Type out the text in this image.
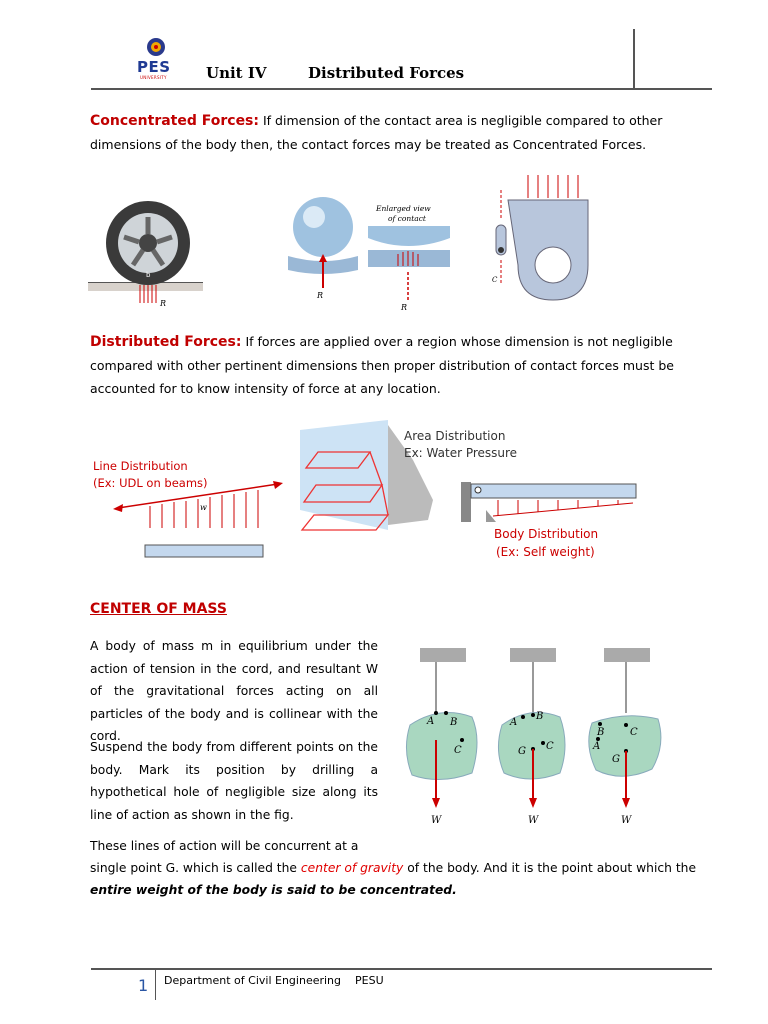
PES
UNIVERSITY	Unit IV	Distributed Forces
Concentrated Forces: If dimension of the contact area is negligible compared to other
dimensions of the body then, the contact forces may be treated as Concentrated Forces.
b
R
R
Enlarged view
of contact
R
C
Distributed Forces: If forces are applied over a region whose dimension is not negligible
compared with other pertinent dimensions then proper distribution of contact forces must be
accounted for to know intensity of force at any location.
Line Distribution
(Ex: UDL on beams)
w
Area Distribution
Ex: Water Pressure
Body Distribution
(Ex: Self weight)
CENTER OF MASS
A body of mass m in equilibrium under the action of tension in the cord, and resultant W of the gravitational forces acting on all particles of the body and is collinear with the cord.
Suspend the body from different points on the body. Mark its position by drilling a hypothetical hole of negligible size along its line of action as shown in the fig.
These lines of action will be concurrent at a
single point G. which is called the center of gravity of the body. And it is the point about which the
entire weight of the body is said to be concentrated.
A B
C
W
A
B
G C
W
B
A
C
G
W
1 Department of Civil Engineering    PESU
